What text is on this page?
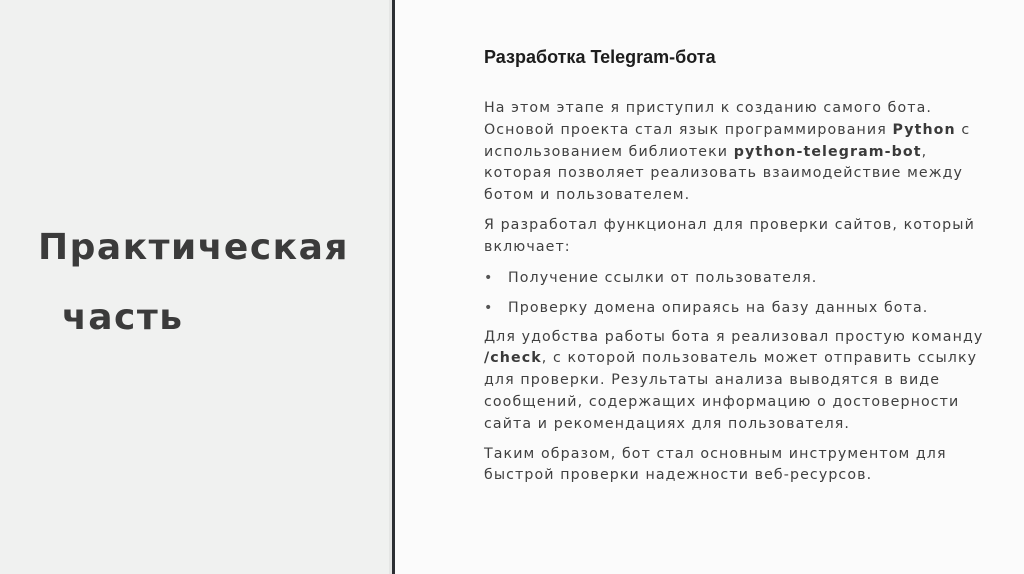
Практическая
часть
Разработка Telegram-бота

На этом этапе я приступил к созданию самого бота. Основой проекта стал язык программирования Python с использованием библиотеки python-telegram-bot, которая позволяет реализовать взаимодействие между ботом и пользователем.

Я разработал функционал для проверки сайтов, который включает:

• Получение ссылки от пользователя.
• Проверку домена опираясь на базу данных бота.

Для удобства работы бота я реализовал простую команду /check, с которой пользователь может отправить ссылку для проверки. Результаты анализа выводятся в виде сообщений, содержащих информацию о достоверности сайта и рекомендациях для пользователя.

Таким образом, бот стал основным инструментом для быстрой проверки надежности веб-ресурсов.
